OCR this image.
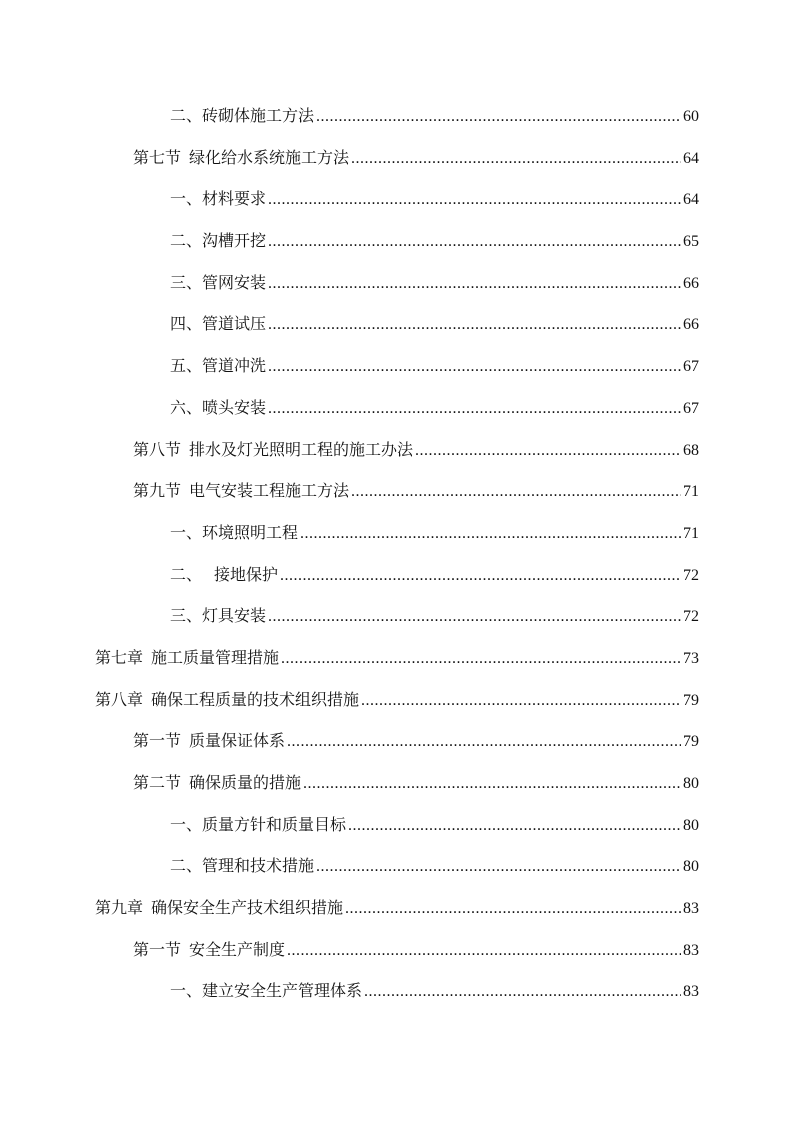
二、砖砌体施工方法 .....	60
第七节  绿化给水系统施工方法 .....	64
一、材料要求 .....	64
二、沟槽开挖 .....	65
三、管网安装 .....	66
四、管道试压 .....	66
五、管道冲洗 .....	67
六、喷头安装 .....	67
第八节  排水及灯光照明工程的施工办法 .....	68
第九节  电气安装工程施工方法 .....	71
一、环境照明工程 .....	71
二、   接地保护 .....	72
三、灯具安装 .....	72
第七章  施工质量管理措施 .....	73
第八章  确保工程质量的技术组织措施 .....	79
第一节  质量保证体系 .....	79
第二节  确保质量的措施 .....	80
一、质量方针和质量目标 .....	80
二、管理和技术措施 .....	80
第九章  确保安全生产技术组织措施 .....	83
第一节  安全生产制度 .....	83
一、建立安全生产管理体系 .....	83
